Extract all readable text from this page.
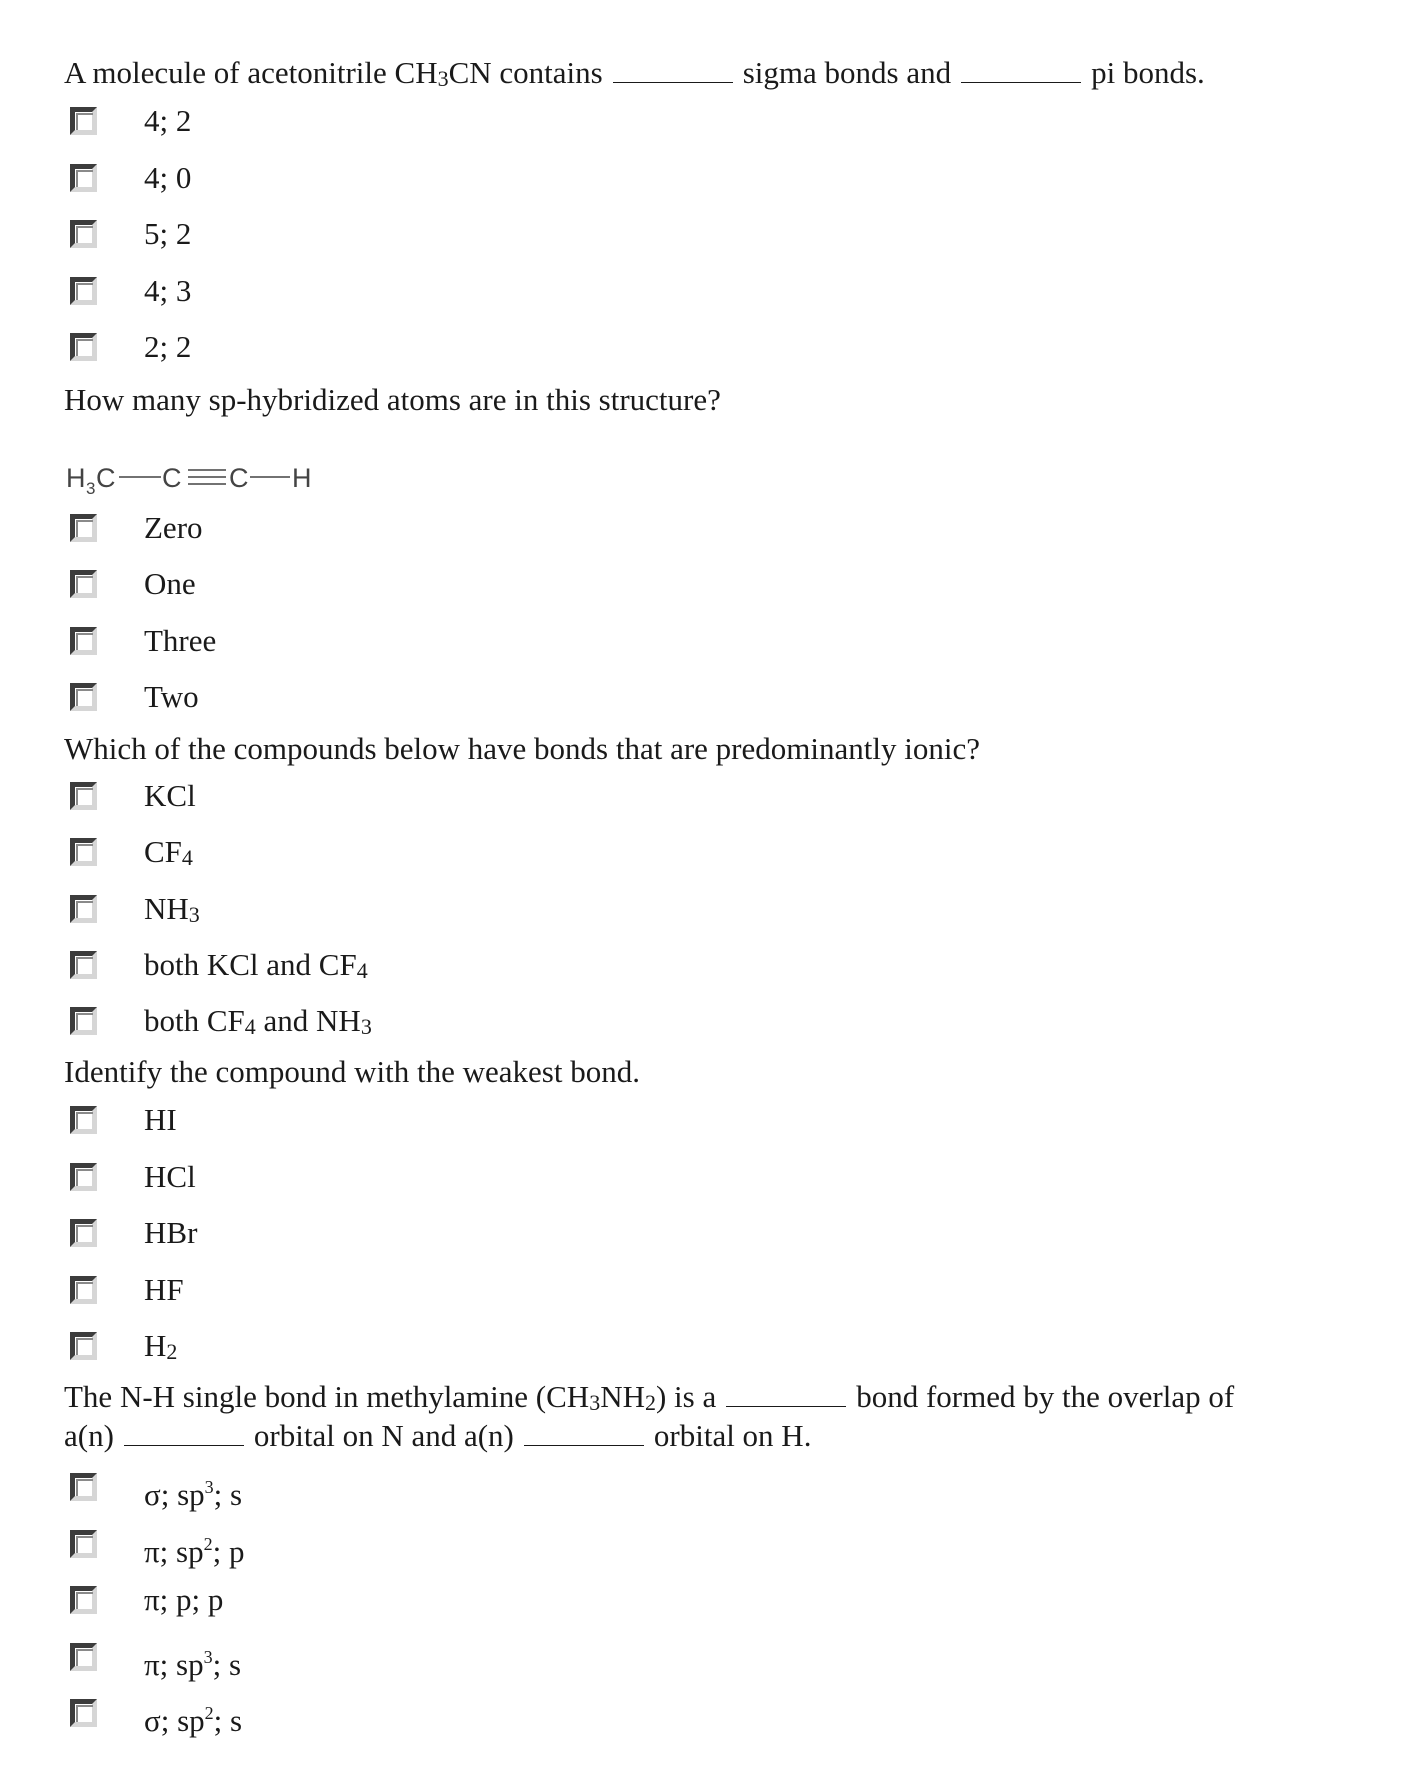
A molecule of acetonitrile $CH_3CN$ contains	sigma bonds and	pi bonds.
4; 2
4; 0
5; 2
4; 3
2; 2
How many sp-hybridized atoms are in this structure?
H 3 C	C H
C
Zero
One
Three
Two
Which of the compounds below have bonds that are predominantly ionic?
KCl
$CF_4$
$NH_3$
both KCl and $CF_4$
both $CF_4$ and $NH_3$
Identify the compound with the weakest bond.
HI
HCl
HBr
HF
$H_2$
The N-H single bond in methylamine $(CH_3NH_2)$ is a	bond formed by the overlap of
a(n)	orbital on N and a(n)	orbital on H.
σ; $sp^3$; s
π; $sp^2$; p
π; p; p
π; $sp^3$; s
σ; $sp^2$; s
